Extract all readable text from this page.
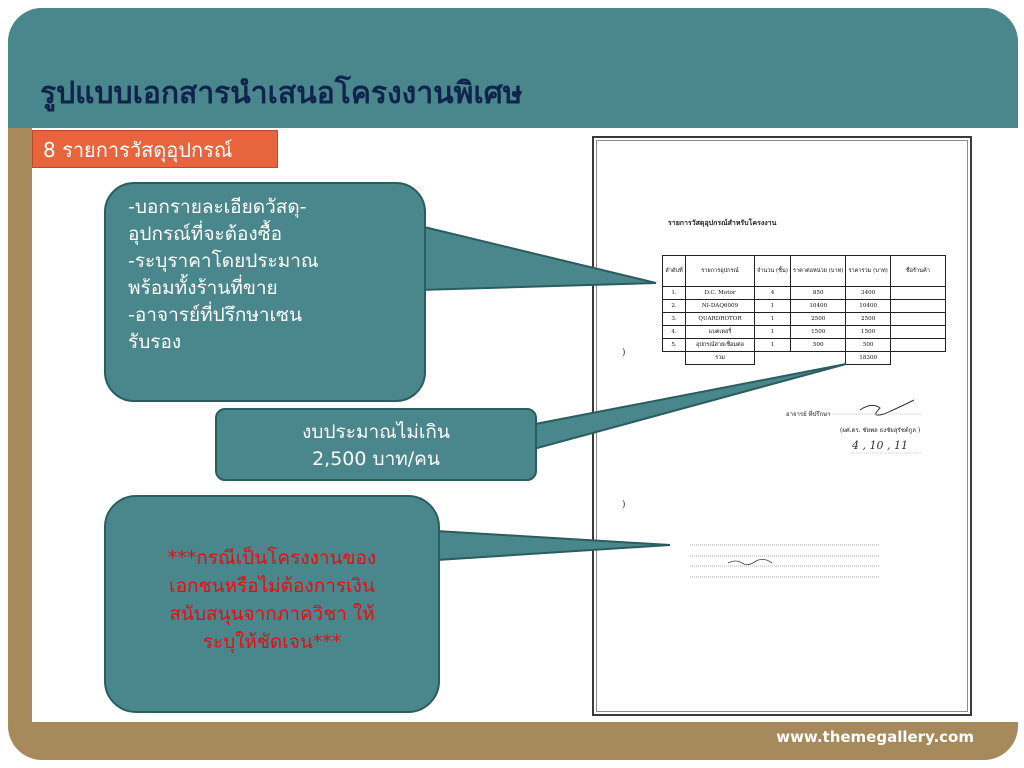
รูปแบบเอกสารนำเสนอโครงงานพิเศษ
www.themegallery.com
8 รายการวัสดุอุปกรณ์
รายการวัสดุอุปกรณ์สำหรับโครงงาน
ลำดับที่	รายการอุปกรณ์	จำนวน (ชิ้น)	ราคาต่อหน่วย (บาท)	ราคารวม (บาท)	ชื่อร้านค้า
1.	D.C. Motor	4	850	3400	
2.	NI-DAQ6009	1	10400	10400	
3.	QUARDROTOR	1	2500	2500	
4.	แบตเตอรี่	1	1500	1500	
5.	อุปกรณ์สายเชื่อมต่อ	1	500	500	
	รวม			18300	
อาจารย์ ที่ปรึกษา
(ผศ.ดร. ชัยพล ธงชัยสุรัชต์กูล )
4 , 10 , 11
)
)
-บอกรายละเอียดวัสดุ-
อุปกรณ์ที่จะต้องซื้อ
-ระบุราคาโดยประมาณ
พร้อมทั้งร้านที่ขาย
-อาจารย์ที่ปรึกษาเซน
รับรอง
งบประมาณไม่เกิน
2,500 บาท/คน
***กรณีเป็นโครงงานของ
เอกชนหรือไม่ต้องการเงิน
สนับสนุนจากภาควิชา ให้
ระบุให้ชัดเจน***
